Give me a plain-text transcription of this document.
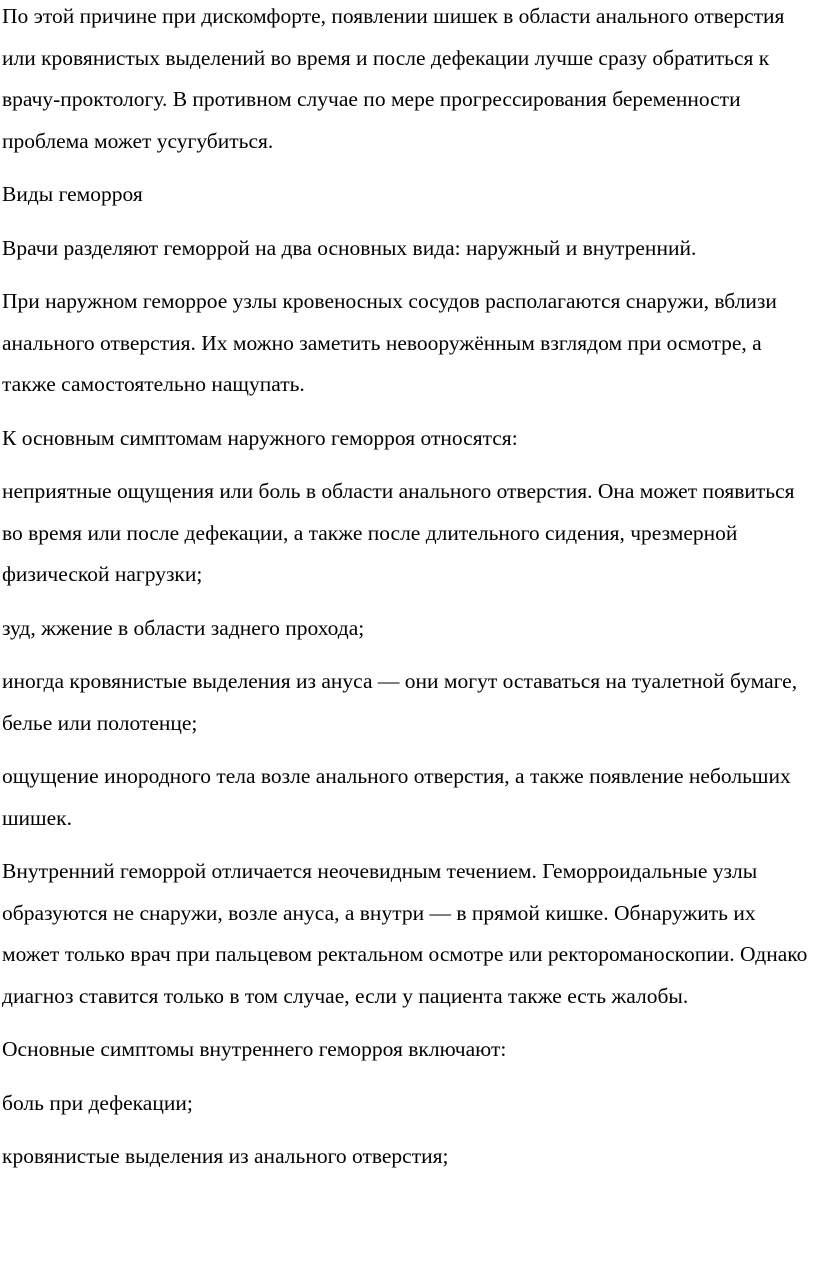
По этой причине при дискомфорте, появлении шишек в области анального отверстия или кровянистых выделений во время и после дефекации лучше сразу обратиться к врачу-проктологу. В противном случае по мере прогрессирования беременности проблема может усугубиться.

Виды геморроя

Врачи разделяют геморрой на два основных вида: наружный и внутренний.

При наружном геморрое узлы кровеносных сосудов располагаются снаружи, вблизи анального отверстия. Их можно заметить невооружённым взглядом при осмотре, а также самостоятельно нащупать.

К основным симптомам наружного геморроя относятся:

неприятные ощущения или боль в области анального отверстия. Она может появиться во время или после дефекации, а также после длительного сидения, чрезмерной физической нагрузки;

зуд, жжение в области заднего прохода;

иногда кровянистые выделения из ануса — они могут оставаться на туалетной бумаге, белье или полотенце;

ощущение инородного тела возле анального отверстия, а также появление небольших шишек.

Внутренний геморрой отличается неочевидным течением. Геморроидальные узлы образуются не снаружи, возле ануса, а внутри — в прямой кишке. Обнаружить их может только врач при пальцевом ректальном осмотре или ректороманоскопии. Однако диагноз ставится только в том случае, если у пациента также есть жалобы.

Основные симптомы внутреннего геморроя включают:

боль при дефекации;

кровянистые выделения из анального отверстия;
